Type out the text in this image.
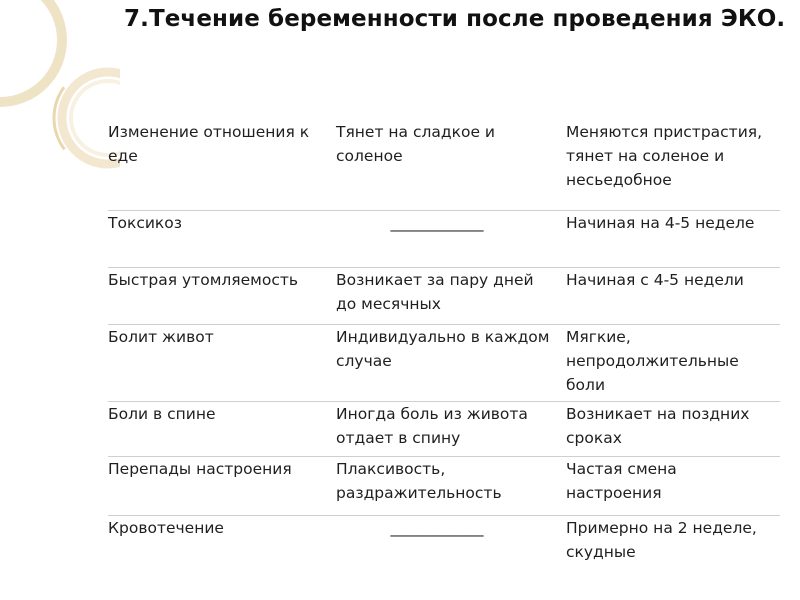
7.Течение беременности после проведения ЭКО.
Изменение отношения к еде	Тянет на сладкое и соленое	Меняются пристрастия, тянет на соленое и несьедобное

Токсикоз	____________	Начиная на 4-5 неделе

Быстрая утомляемость	Возникает за пару дней до месячных	Начиная с 4-5 недели

Болит живот	Индивидуально в каждом случае	Мягкие, непродолжительные боли

Боли в спине	Иногда боль из живота отдает в спину	Возникает на поздних сроках

Перепады настроения	Плаксивость, раздражительность	Частая смена настроения

Кровотечение	____________	Примерно на 2 неделе, скудные
